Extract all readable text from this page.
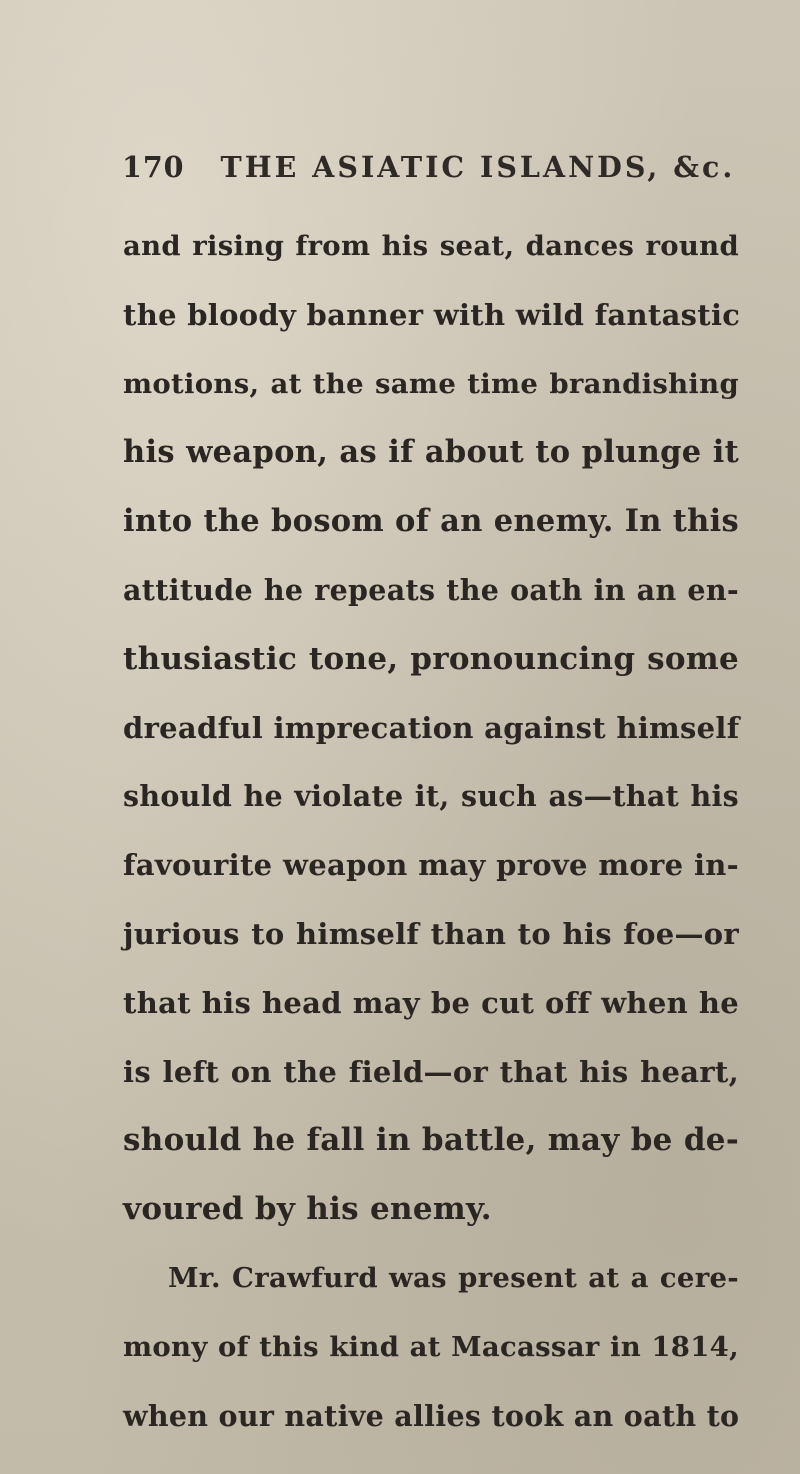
170 THE ASIATIC ISLANDS, &c.
and rising from his seat, dances round
the bloody banner with wild fantastic
motions, at the same time brandishing
his weapon, as if about to plunge it
into the bosom of an enemy. In this
attitude he repeats the oath in an en-
thusiastic tone, pronouncing some
dreadful imprecation against himself
should he violate it, such as—that his
favourite weapon may prove more in-
jurious to himself than to his foe—or
that his head may be cut off when he
is left on the field—or that his heart,
should he fall in battle, may be de-
voured by his enemy.
Mr. Crawfurd was present at a cere-
mony of this kind at Macassar in 1814,
when our native allies took an oath to
